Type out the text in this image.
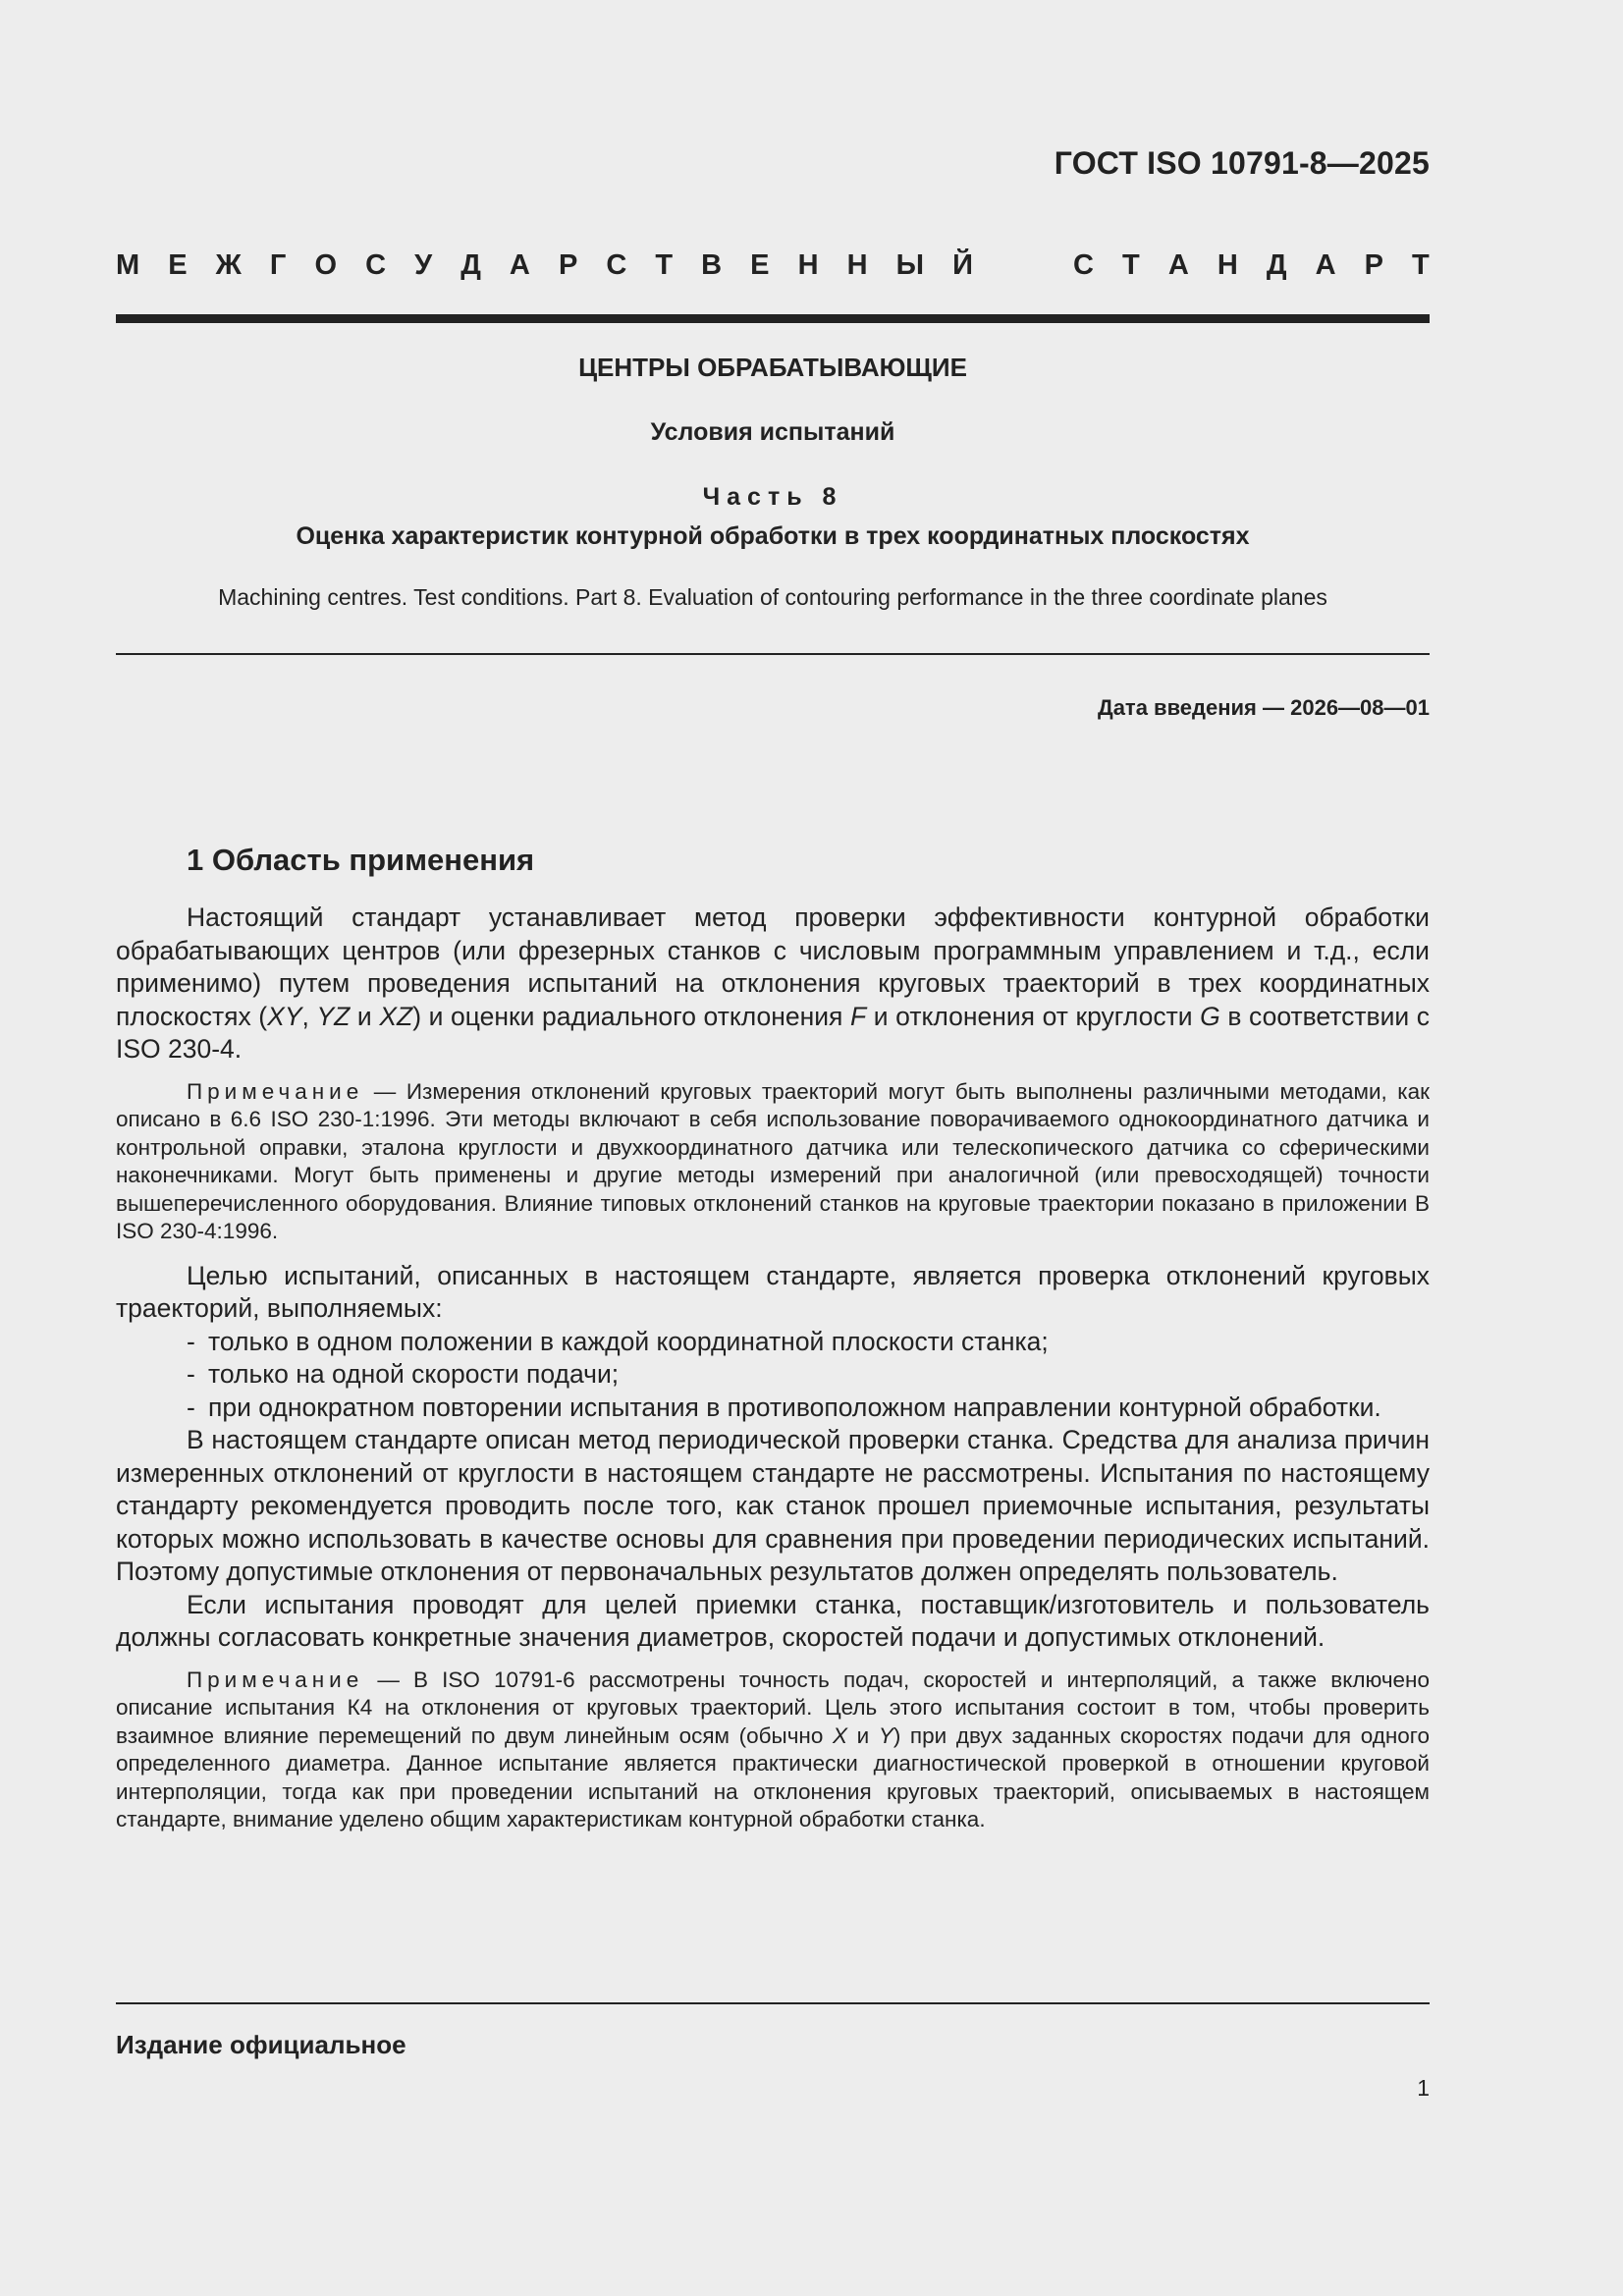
ГОСТ ISO 10791-8—2025
М Е Ж Г О С У Д А Р С Т В Е Н Н Ы Й	С Т А Н Д А Р Т
ЦЕНТРЫ ОБРАБАТЫВАЮЩИЕ
Условия испытаний
Часть 8
Оценка характеристик контурной обработки в трех координатных плоскостях
Machining centres. Test conditions. Part 8. Evaluation of contouring performance in the three coordinate planes
Дата введения — 2026—08—01
1 Область применения

Настоящий стандарт устанавливает метод проверки эффективности контурной обработки обрабатывающих центров (или фрезерных станков с числовым программным управлением и т.д., если применимо) путем проведения испытаний на отклонения круговых траекторий в трех координатных плоскостях (XY, YZ и XZ) и оценки радиального отклонения F и отклонения от круглости G в соответствии с ISO 230-4.

Примечание — Измерения отклонений круговых траекторий могут быть выполнены различными методами, как описано в 6.6 ISO 230-1:1996. Эти методы включают в себя использование поворачиваемого однокоординатного датчика и контрольной оправки, эталона круглости и двухкоординатного датчика или телескопического датчика со сферическими наконечниками. Могут быть применены и другие методы измерений при аналогичной (или превосходящей) точности вышеперечисленного оборудования. Влияние типовых отклонений станков на круговые траектории показано в приложении В ISO 230-4:1996.

Целью испытаний, описанных в настоящем стандарте, является проверка отклонений круговых траекторий, выполняемых:

- только в одном положении в каждой координатной плоскости станка;

- только на одной скорости подачи;

- при однократном повторении испытания в противоположном направлении контурной обработки.

В настоящем стандарте описан метод периодической проверки станка. Средства для анализа причин измеренных отклонений от круглости в настоящем стандарте не рассмотрены. Испытания по настоящему стандарту рекомендуется проводить после того, как станок прошел приемочные испытания, результаты которых можно использовать в качестве основы для сравнения при проведении периодических испытаний. Поэтому допустимые отклонения от первоначальных результатов должен определять пользователь.

Если испытания проводят для целей приемки станка, поставщик/изготовитель и пользователь должны согласовать конкретные значения диаметров, скоростей подачи и допустимых отклонений.

Примечание — В ISO 10791-6 рассмотрены точность подач, скоростей и интерполяций, а также включено описание испытания К4 на отклонения от круговых траекторий. Цель этого испытания состоит в том, чтобы проверить взаимное влияние перемещений по двум линейным осям (обычно X и Y) при двух заданных скоростях подачи для одного определенного диаметра. Данное испытание является практически диагностической проверкой в отношении круговой интерполяции, тогда как при проведении испытаний на отклонения круговых траекторий, описываемых в настоящем стандарте, внимание уделено общим характеристикам контурной обработки станка.

Издание официальное
1
